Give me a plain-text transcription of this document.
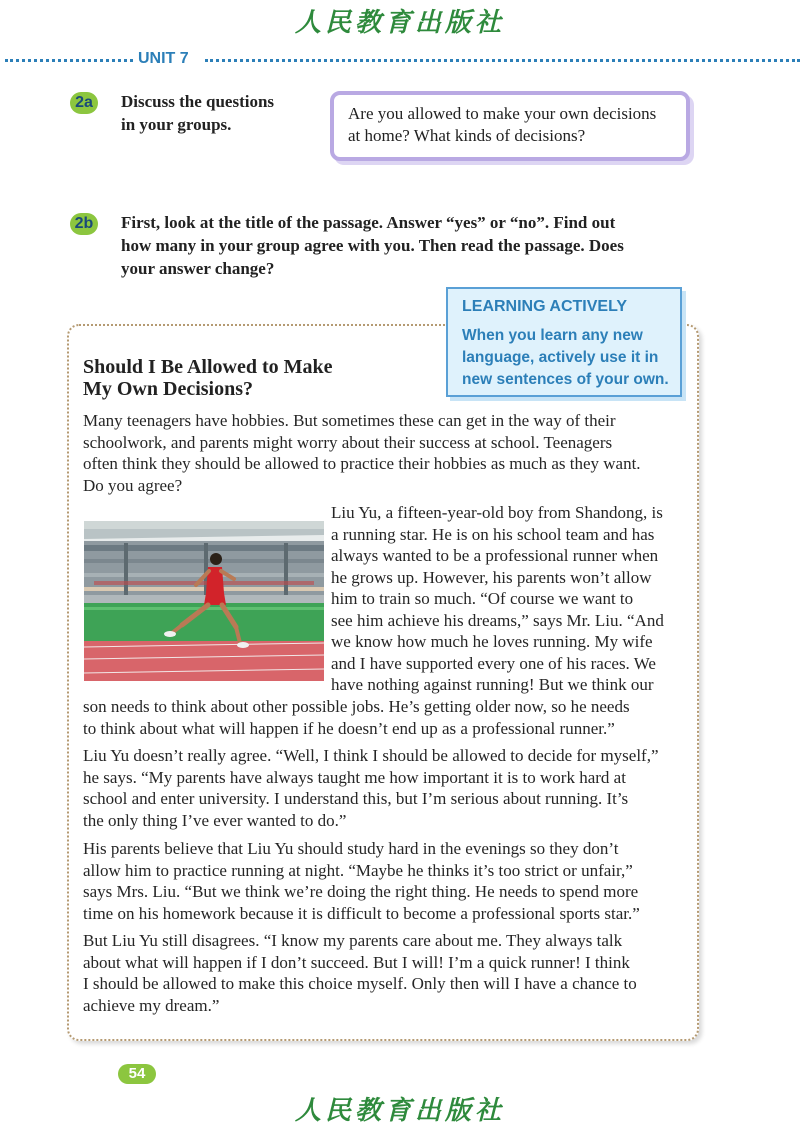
人民教育出版社
UNIT 7
2a	Discuss the questions
in your groups.
Are you allowed to make your own decisions
at home? What kinds of decisions?
2b First, look at the title of the passage. Answer “yes” or “no”. Find out
how many in your group agree with you. Then read the passage. Does
your answer change?
LEARNING ACTIVELY
When you learn any new
language, actively use it in
new sentences of your own.
Should I Be Allowed to Make
My Own Decisions?
Many teenagers have hobbies. But sometimes these can get in the way of their
schoolwork, and parents might worry about their success at school. Teenagers
often think they should be allowed to practice their hobbies as much as they want.
Do you agree?
Liu Yu, a fifteen-year-old boy from Shandong, is
a running star. He is on his school team and has
always wanted to be a professional runner when
he grows up. However, his parents won’t allow
him to train so much. “Of course we want to
see him achieve his dreams,” says Mr. Liu. “And
we know how much he loves running. My wife
and I have supported every one of his races. We
have nothing against running! But we think our
son needs to think about other possible jobs. He’s getting older now, so he needs
to think about what will happen if he doesn’t end up as a professional runner.”
Liu Yu doesn’t really agree. “Well, I think I should be allowed to decide for myself,”
he says. “My parents have always taught me how important it is to work hard at
school and enter university. I understand this, but I’m serious about running. It’s
the only thing I’ve ever wanted to do.”
His parents believe that Liu Yu should study hard in the evenings so they don’t
allow him to practice running at night. “Maybe he thinks it’s too strict or unfair,”
says Mrs. Liu. “But we think we’re doing the right thing. He needs to spend more
time on his homework because it is difficult to become a professional sports star.”
But Liu Yu still disagrees. “I know my parents care about me. They always talk
about what will happen if I don’t succeed. But I will! I’m a quick runner! I think
I should be allowed to make this choice myself. Only then will I have a chance to
achieve my dream.”
54
人民教育出版社
